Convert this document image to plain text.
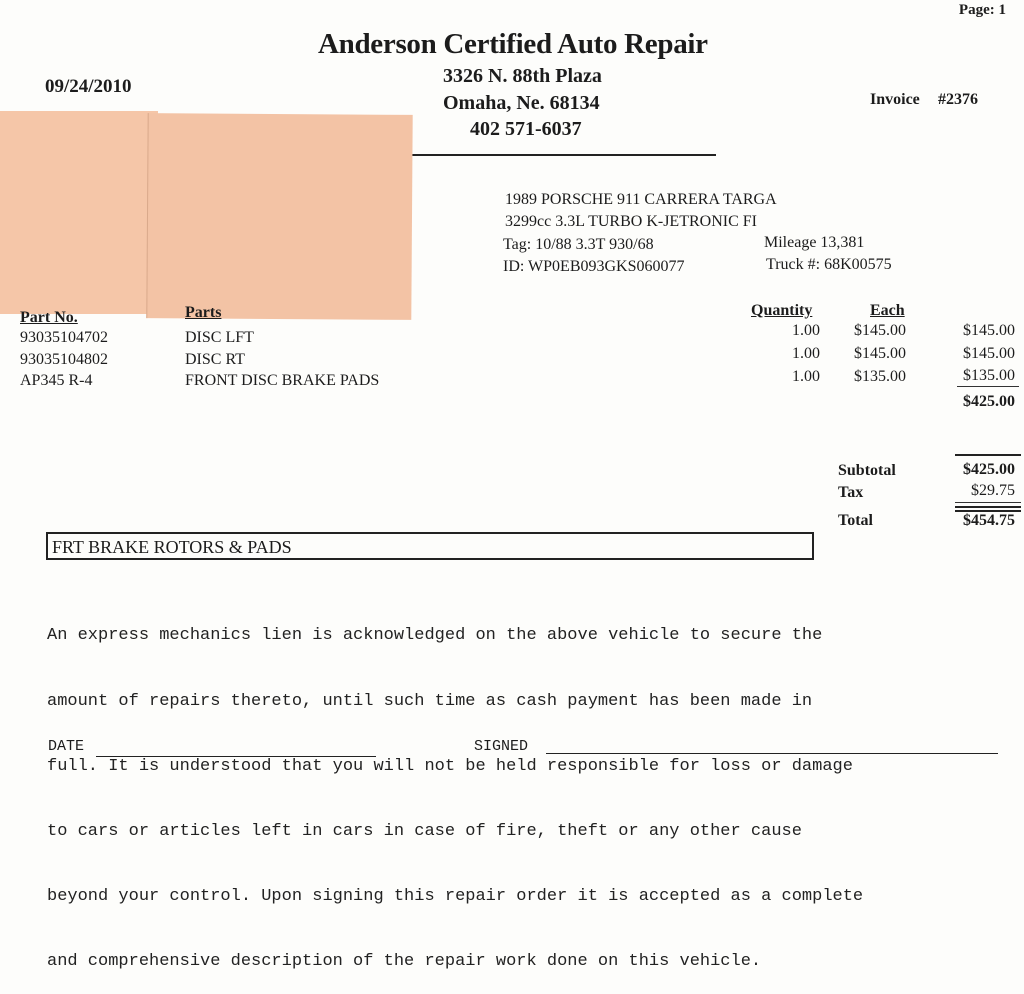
Page: 1
Anderson Certified Auto Repair
3326 N. 88th Plaza
Omaha, Ne. 68134
402 571-6037
09/24/2010
Invoice #2376
1989 PORSCHE 911 CARRERA TARGA
3299cc 3.3L TURBO K-JETRONIC FI
Tag: 10/88 3.3T 930/68
ID: WP0EB093GKS060077
Mileage 13,381
Truck #: 68K00575
Part No.	Parts	Quantity	Each
93035104702	DISC LFT	1.00	$145.00	$145.00
93035104802	DISC RT	1.00	$145.00	$145.00
AP345 R-4	FRONT DISC BRAKE PADS	1.00	$135.00	$135.00
$425.00
Subtotal	$425.00
Tax	$29.75
Total	$454.75
FRT BRAKE ROTORS & PADS

An express mechanics lien is acknowledged on the above vehicle to secure the

amount of repairs thereto, until such time as cash payment has been made in

full. It is understood that you will not be held responsible for loss or damage

to cars or articles left in cars in case of fire, theft or any other cause

beyond your control. Upon signing this repair order it is accepted as a complete

and comprehensive description of the repair work done on this vehicle.

DATE	SIGNED
